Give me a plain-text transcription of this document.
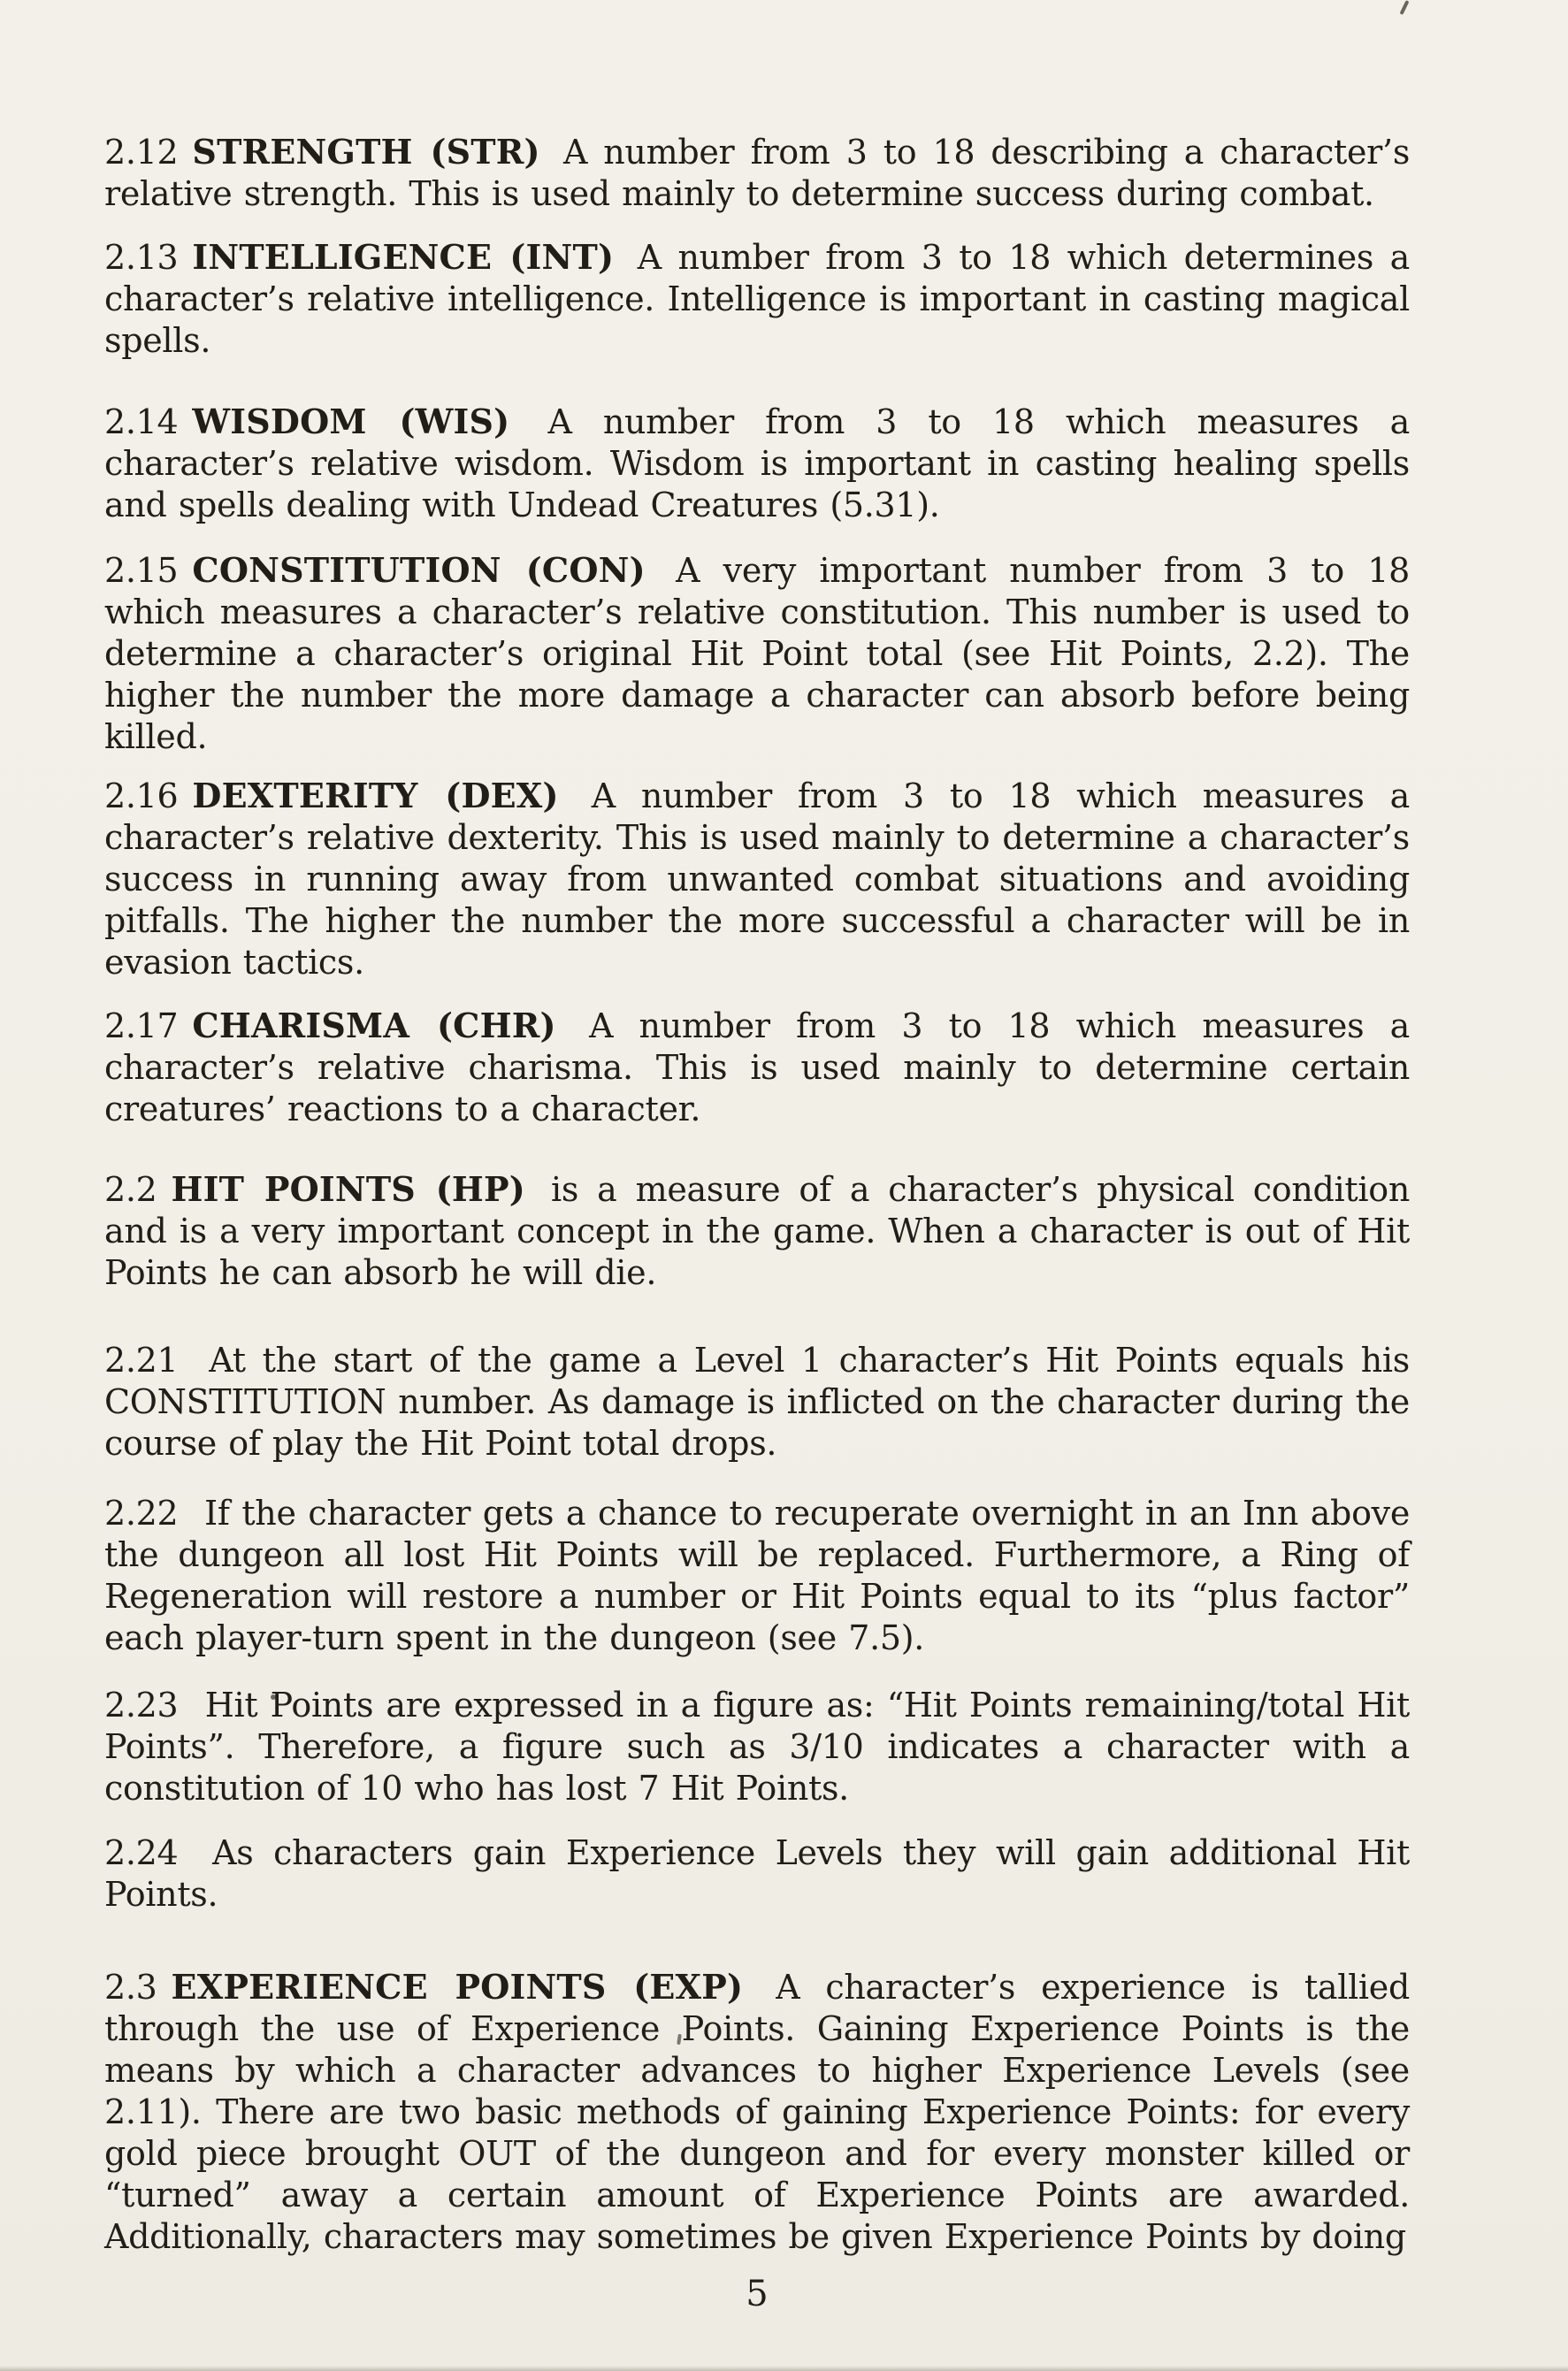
2.12 STRENGTH (STR) A number from 3 to 18 describing a character’s relative strength. This is used mainly to determine success during combat.

2.13 INTELLIGENCE (INT) A number from 3 to 18 which determines a character’s relative intelligence. Intelligence is important in casting magical spells.

2.14 WISDOM (WIS) A number from 3 to 18 which measures a character’s relative wisdom. Wisdom is important in casting healing spells and spells dealing with Undead Creatures (5.31).

2.15 CONSTITUTION (CON) A very important number from 3 to 18 which measures a character’s relative constitution. This number is used to determine a character’s original Hit Point total (see Hit Points, 2.2). The higher the number the more damage a character can absorb before being killed.

2.16 DEXTERITY (DEX) A number from 3 to 18 which measures a character’s relative dexterity. This is used mainly to determine a character’s success in running away from unwanted combat situations and avoiding pitfalls. The higher the number the more successful a character will be in evasion tactics.

2.17 CHARISMA (CHR) A number from 3 to 18 which measures a character’s relative charisma. This is used mainly to determine certain creatures’ reactions to a character.

2.2 HIT POINTS (HP) is a measure of a character’s physical condition and is a very important concept in the game. When a character is out of Hit Points he can absorb he will die.

2.21 At the start of the game a Level 1 character’s Hit Points equals his CONSTITUTION number. As damage is inflicted on the character during the course of play the Hit Point total drops.

2.22 If the character gets a chance to recuperate overnight in an Inn above the dungeon all lost Hit Points will be replaced. Furthermore, a Ring of Regeneration will restore a number or Hit Points equal to its “plus factor” each player-turn spent in the dungeon (see 7.5).

2.23 Hit Points are expressed in a figure as: “Hit Points remaining/total Hit Points”. Therefore, a figure such as 3/10 indicates a character with a constitution of 10 who has lost 7 Hit Points.

2.24 As characters gain Experience Levels they will gain additional Hit Points.

2.3 EXPERIENCE POINTS (EXP) A character’s experience is tallied through the use of Experience Points. Gaining Experience Points is the means by which a character advances to higher Experience Levels (see 2.11). There are two basic methods of gaining Experience Points: for every gold piece brought OUT of the dungeon and for every monster killed or “turned” away a certain amount of Experience Points are awarded. Additionally, characters may sometimes be given Experience Points by doing

5
